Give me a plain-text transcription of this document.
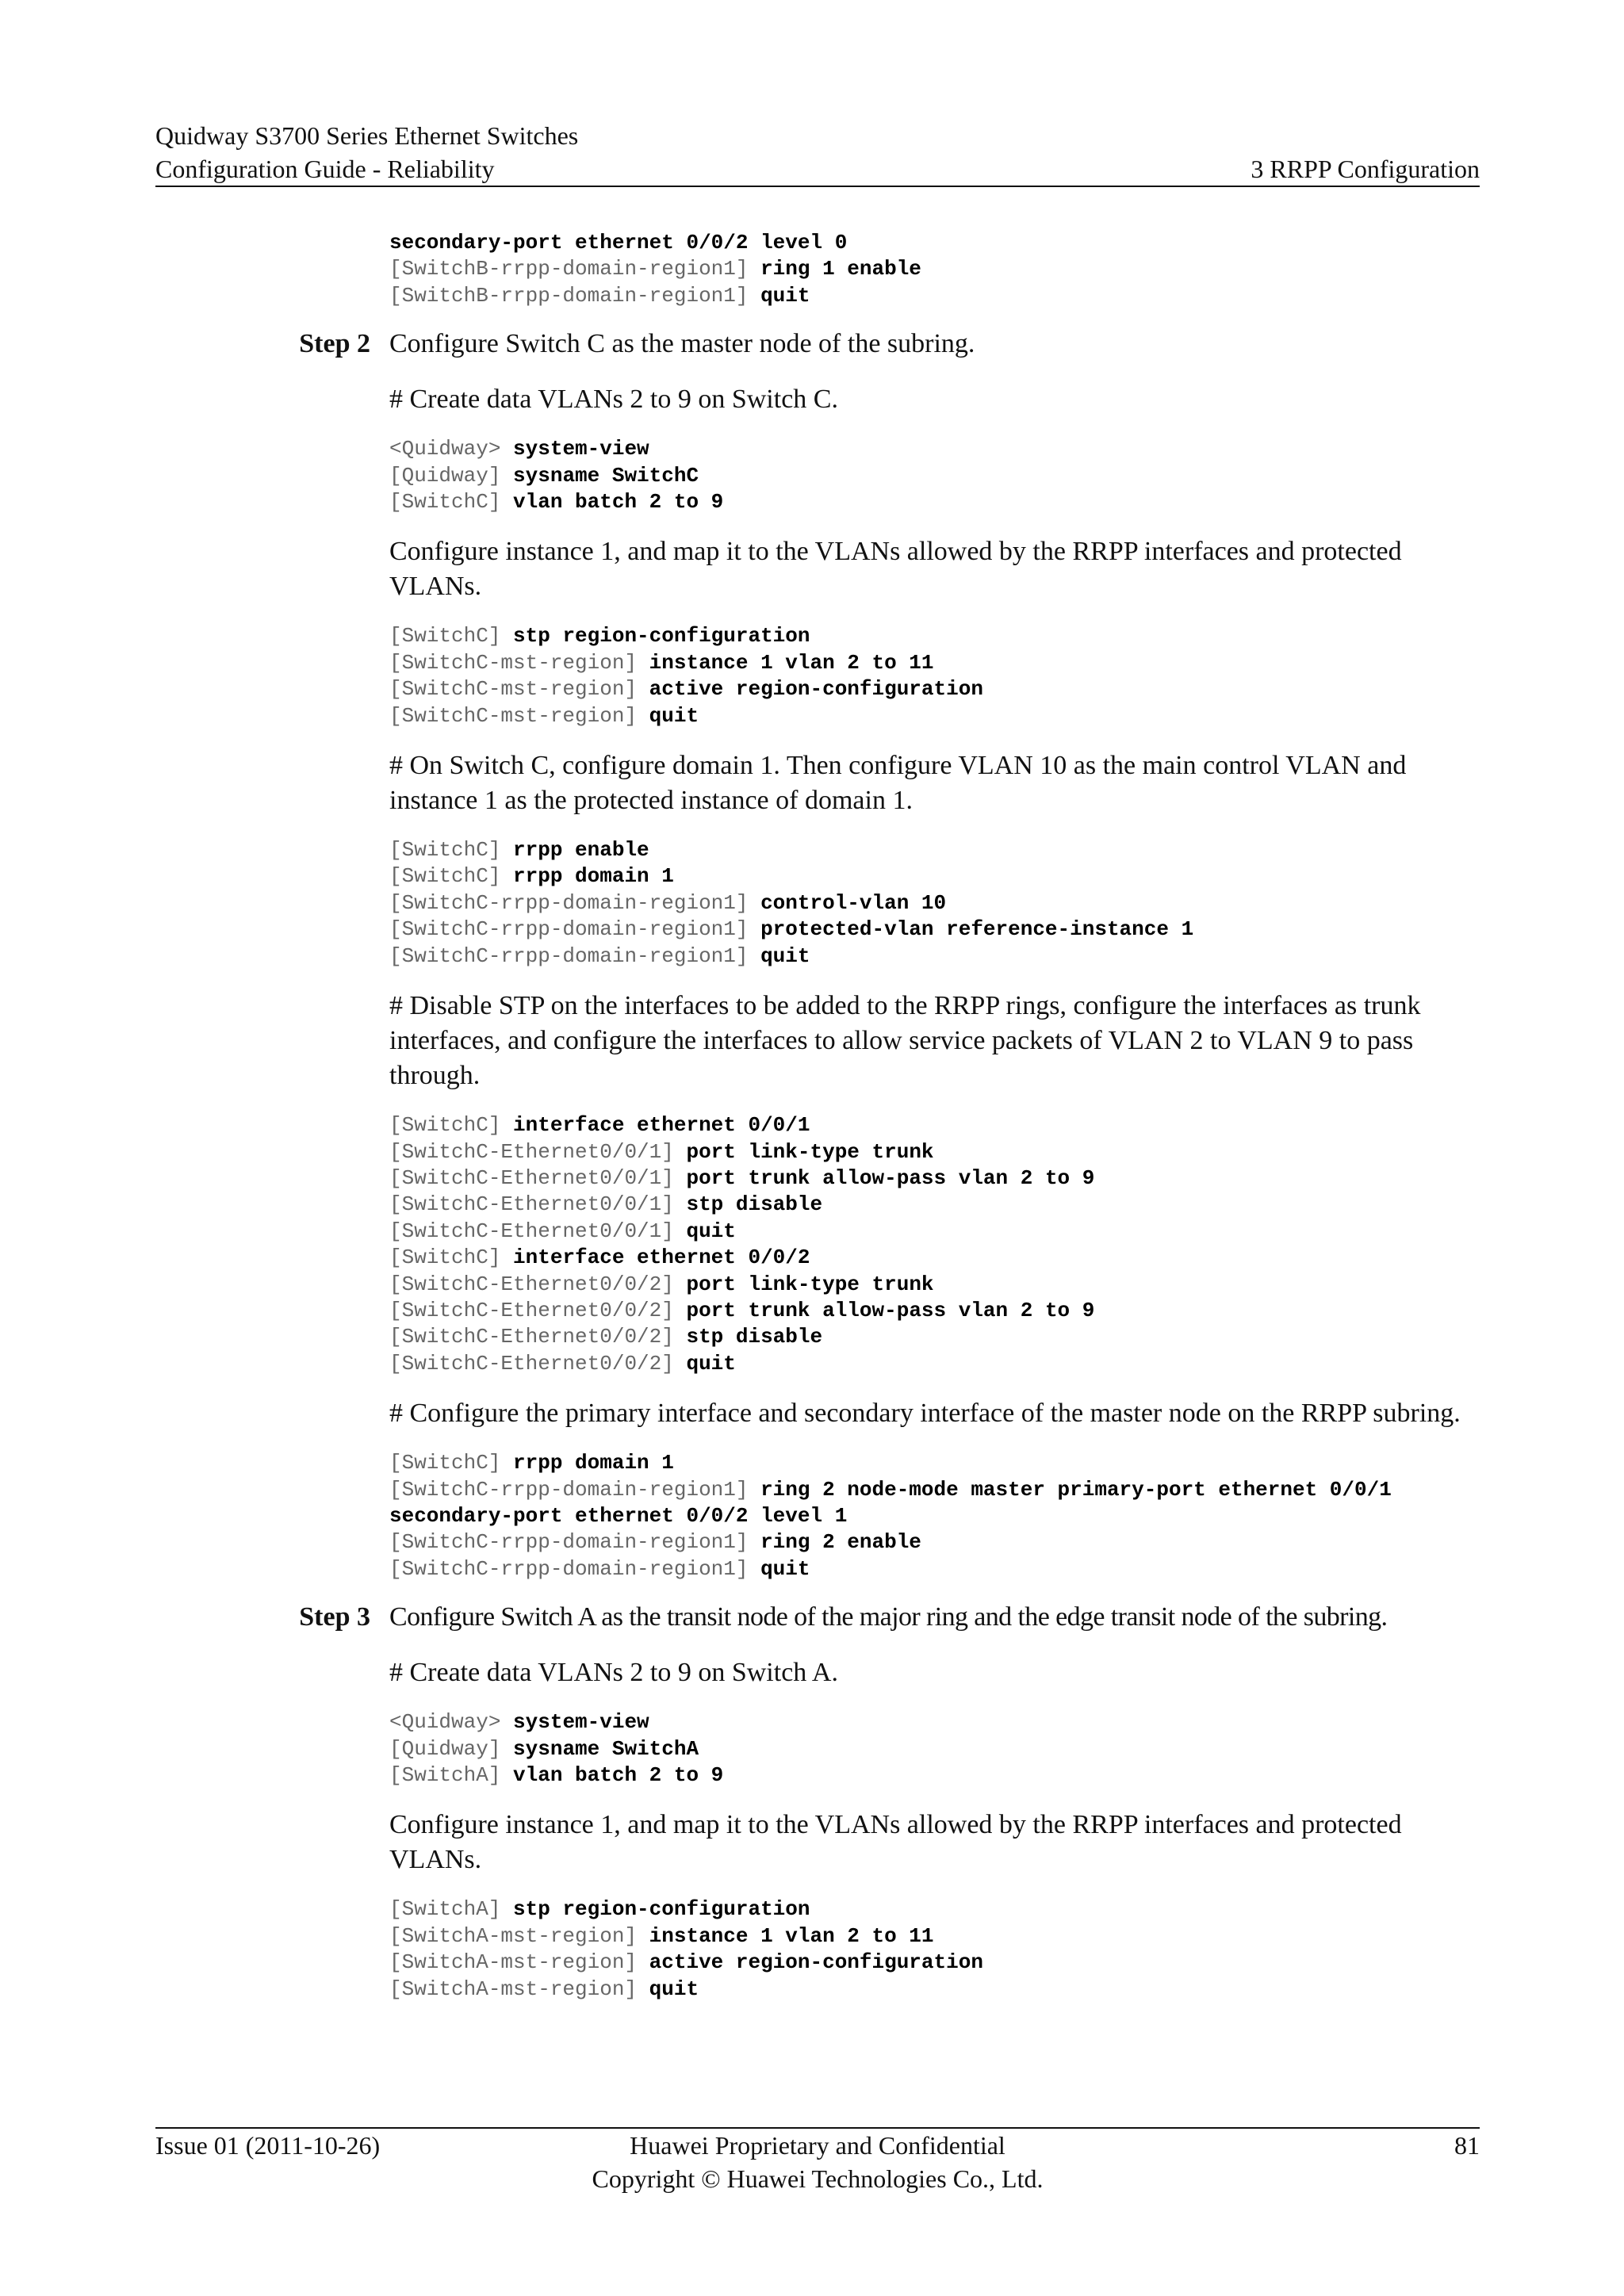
Quidway S3700 Series Ethernet Switches
Configuration Guide - Reliability	3 RRPP Configuration
secondary-port ethernet 0/0/2 level 0
[SwitchB-rrpp-domain-region1] ring 1 enable
[SwitchB-rrpp-domain-region1] quit
Step 2 Configure Switch C as the master node of the subring.
# Create data VLANs 2 to 9 on Switch C.
<Quidway> system-view
[Quidway] sysname SwitchC
[SwitchC] vlan batch 2 to 9
Configure instance 1, and map it to the VLANs allowed by the RRPP interfaces and protected VLANs.
[SwitchC] stp region-configuration
[SwitchC-mst-region] instance 1 vlan 2 to 11
[SwitchC-mst-region] active region-configuration
[SwitchC-mst-region] quit
# On Switch C, configure domain 1. Then configure VLAN 10 as the main control VLAN and instance 1 as the protected instance of domain 1.
[SwitchC] rrpp enable
[SwitchC] rrpp domain 1
[SwitchC-rrpp-domain-region1] control-vlan 10
[SwitchC-rrpp-domain-region1] protected-vlan reference-instance 1
[SwitchC-rrpp-domain-region1] quit
# Disable STP on the interfaces to be added to the RRPP rings, configure the interfaces as trunk interfaces, and configure the interfaces to allow service packets of VLAN 2 to VLAN 9 to pass through.
[SwitchC] interface ethernet 0/0/1
[SwitchC-Ethernet0/0/1] port link-type trunk
[SwitchC-Ethernet0/0/1] port trunk allow-pass vlan 2 to 9
[SwitchC-Ethernet0/0/1] stp disable
[SwitchC-Ethernet0/0/1] quit
[SwitchC] interface ethernet 0/0/2
[SwitchC-Ethernet0/0/2] port link-type trunk
[SwitchC-Ethernet0/0/2] port trunk allow-pass vlan 2 to 9
[SwitchC-Ethernet0/0/2] stp disable
[SwitchC-Ethernet0/0/2] quit
# Configure the primary interface and secondary interface of the master node on the RRPP subring.
[SwitchC] rrpp domain 1
[SwitchC-rrpp-domain-region1] ring 2 node-mode master primary-port ethernet 0/0/1
secondary-port ethernet 0/0/2 level 1
[SwitchC-rrpp-domain-region1] ring 2 enable
[SwitchC-rrpp-domain-region1] quit
Step 3 Configure Switch A as the transit node of the major ring and the edge transit node of the subring.
# Create data VLANs 2 to 9 on Switch A.
<Quidway> system-view
[Quidway] sysname SwitchA
[SwitchA] vlan batch 2 to 9
Configure instance 1, and map it to the VLANs allowed by the RRPP interfaces and protected VLANs.
[SwitchA] stp region-configuration
[SwitchA-mst-region] instance 1 vlan 2 to 11
[SwitchA-mst-region] active region-configuration
[SwitchA-mst-region] quit
Issue 01 (2011-10-26)	Huawei Proprietary and Confidential
Copyright © Huawei Technologies Co., Ltd.
81
